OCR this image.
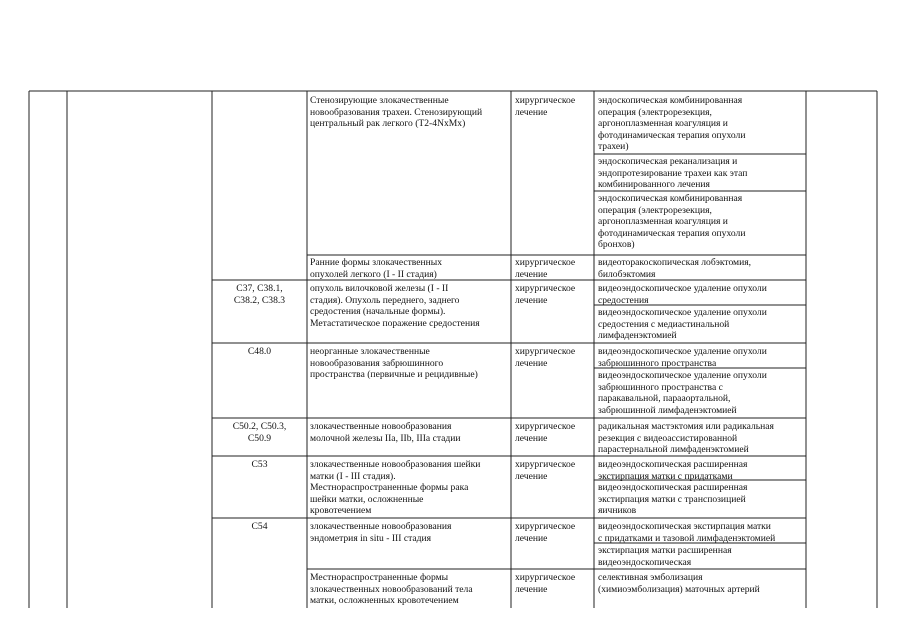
C37, C38.1,
C38.2, C38.3
C48.0
C50.2, C50.3,
C50.9
C53
C54
Стенозирующие злокачественные
новообразования трахеи. Стенозирующий
центральный рак легкого (T2-4NxMx)
Ранние формы злокачественных
опухолей легкого (I - II стадия)
опухоль вилочковой железы (I - II
стадия). Опухоль переднего, заднего
средостения (начальные формы).
Метастатическое поражение средостения
неорганные злокачественные
новообразования забрюшинного
пространства (первичные и рецидивные)
злокачественные новообразования
молочной железы IIa, IIb, IIIa стадии
злокачественные новообразования шейки
матки (I - III стадия).
Местнораспространенные формы рака
шейки матки, осложненные
кровотечением
злокачественные новообразования
эндометрия in situ - III стадия
Местнораспространенные формы
злокачественных новообразований тела
матки, осложненных кровотечением
хирургическое
лечение
хирургическое
лечение
хирургическое
лечение
хирургическое
лечение
хирургическое
лечение
хирургическое
лечение
хирургическое
лечение
хирургическое
лечение
эндоскопическая комбинированная
операция (электрорезекция,
аргоноплазменная коагуляция и
фотодинамическая терапия опухоли
трахеи)
эндоскопическая реканализация и
эндопротезирование трахеи как этап
комбинированного лечения
эндоскопическая комбинированная
операция (электрорезекция,
аргоноплазменная коагуляция и
фотодинамическая терапия опухоли
бронхов)
видеоторакоскопическая лобэктомия,
билобэктомия
видеоэндоскопическое удаление опухоли
средостения
видеоэндоскопическое удаление опухоли
средостения с медиастинальной
лимфаденэктомией
видеоэндоскопическое удаление опухоли
забрюшинного пространства
видеоэндоскопическое удаление опухоли
забрюшинного пространства с
паракавальной, парааортальной,
забрюшинной лимфаденэктомией
радикальная мастэктомия или радикальная
резекция с видеоассистированной
парастернальной лимфаденэктомией
видеоэндоскопическая расширенная
экстирпация матки с придатками
видеоэндоскопическая расширенная
экстирпация матки с транспозицией
яичников
видеоэндоскопическая экстирпация матки
с придатками и тазовой лимфаденэктомией
экстирпация матки расширенная
видеоэндоскопическая
селективная эмболизация
(химиоэмболизация) маточных артерий
